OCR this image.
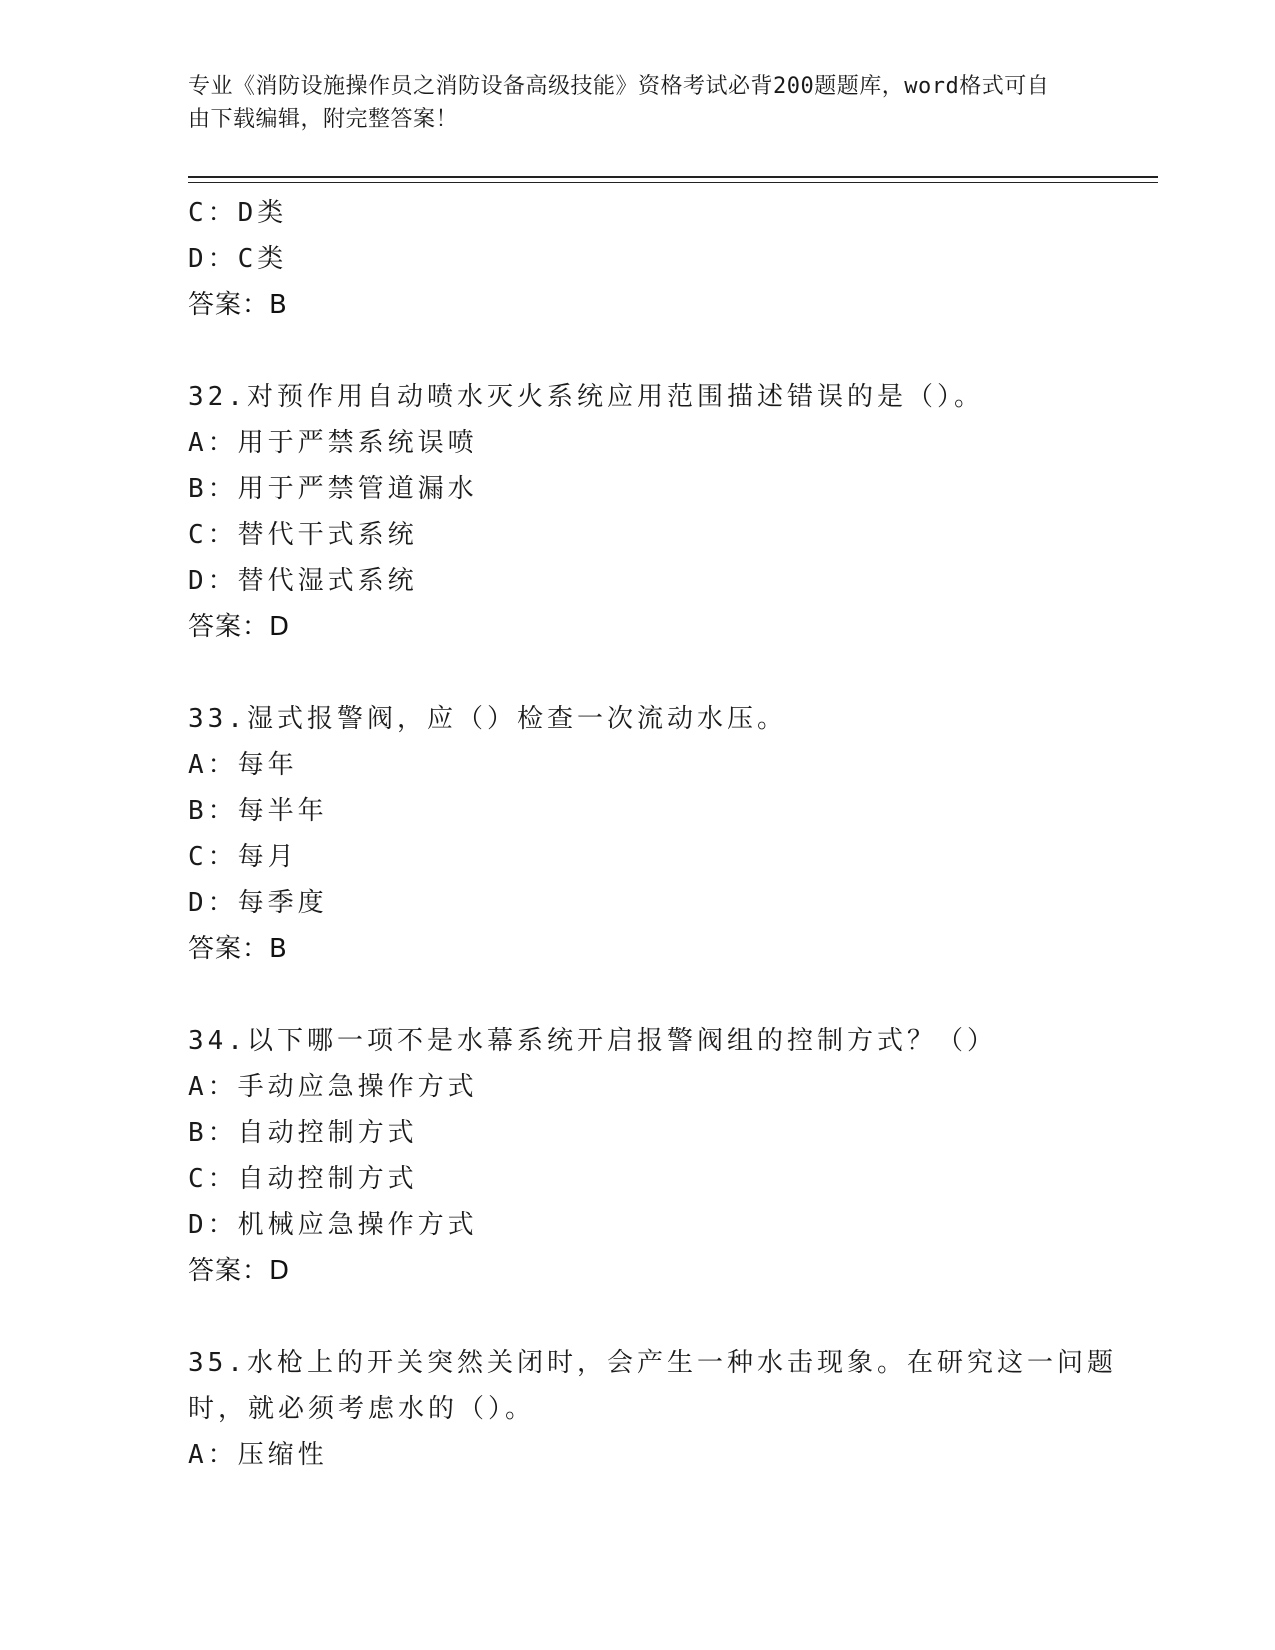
专业《消防设施操作员之消防设备高级技能》资格考试必背200题题库，word格式可自由下载编辑，附完整答案！
C：D类
D：C类
答案：B
32.对预作用自动喷水灭火系统应用范围描述错误的是（）。
A：用于严禁系统误喷
B：用于严禁管道漏水
C：替代干式系统
D：替代湿式系统
答案：D
33.湿式报警阀，应（）检查一次流动水压。
A：每年
B：每半年
C：每月
D：每季度
答案：B
34.以下哪一项不是水幕系统开启报警阀组的控制方式？（）
A：手动应急操作方式
B：自动控制方式
C：自动控制方式
D：机械应急操作方式
答案：D
35.水枪上的开关突然关闭时，会产生一种水击现象。在研究这一问题
时，就必须考虑水的（）。
A：压缩性
